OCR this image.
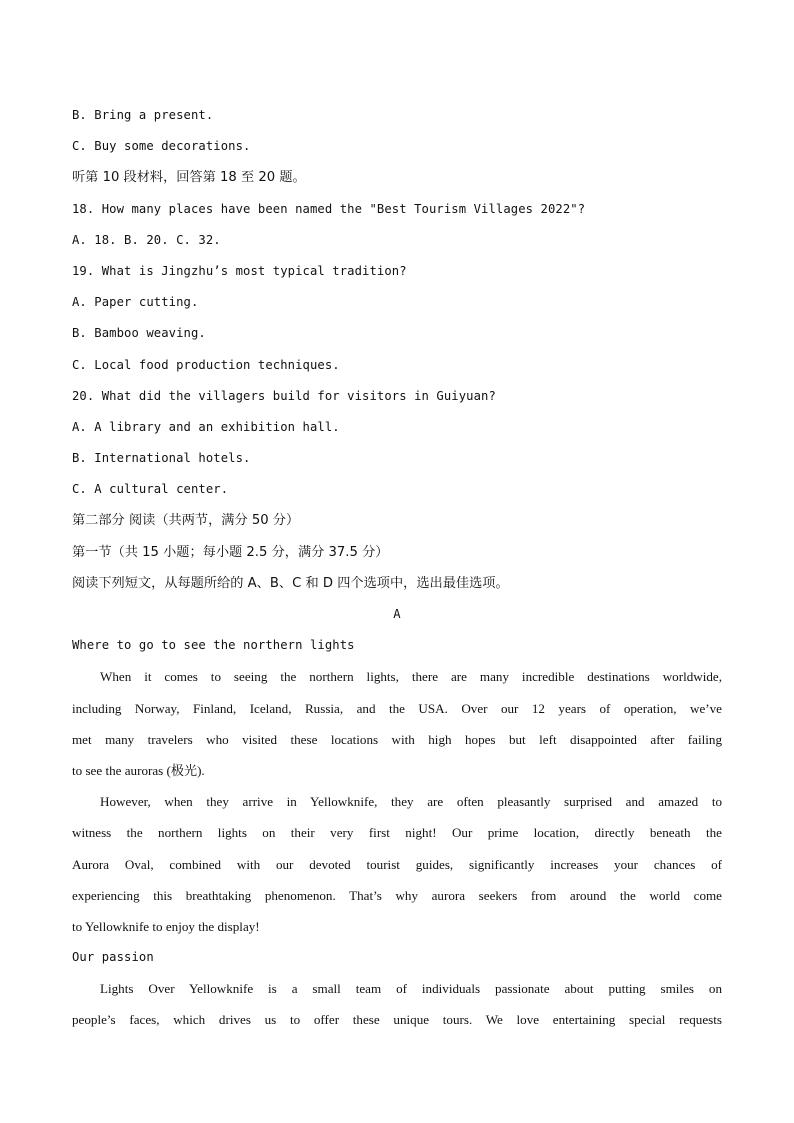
B. Bring a present.
C. Buy some decorations.
听第 10 段材料，回答第 18 至 20 题。
18. How many places have been named the "Best Tourism Villages 2022"?
A. 18. B. 20. C. 32.
19. What is Jingzhu’s most typical tradition?
A. Paper cutting.
B. Bamboo weaving.
C. Local food production techniques.
20. What did the villagers build for visitors in Guiyuan?
A. A library and an exhibition hall.
B. International hotels.
C. A cultural center.
第二部分 阅读（共两节，满分 50 分）
第一节（共 15 小题；每小题 2.5 分，满分 37.5 分）
阅读下列短文，从每题所给的 A、B、C 和 D 四个选项中，选出最佳选项。
A
Where to go to see the northern lights
When it comes to seeing the northern lights, there are many incredible destinations worldwide,
including Norway, Finland, Iceland, Russia, and the USA. Over our 12 years of operation, we’ve
met many travelers who visited these locations with high hopes but left disappointed after failing
to see the auroras (极光).
However, when they arrive in Yellowknife, they are often pleasantly surprised and amazed to
witness the northern lights on their very first night! Our prime location, directly beneath the
Aurora Oval, combined with our devoted tourist guides, significantly increases your chances of
experiencing this breathtaking phenomenon. That’s why aurora seekers from around the world come
to Yellowknife to enjoy the display!
Our passion
Lights Over Yellowknife is a small team of individuals passionate about putting smiles on
people’s faces, which drives us to offer these unique tours. We love entertaining special requests
